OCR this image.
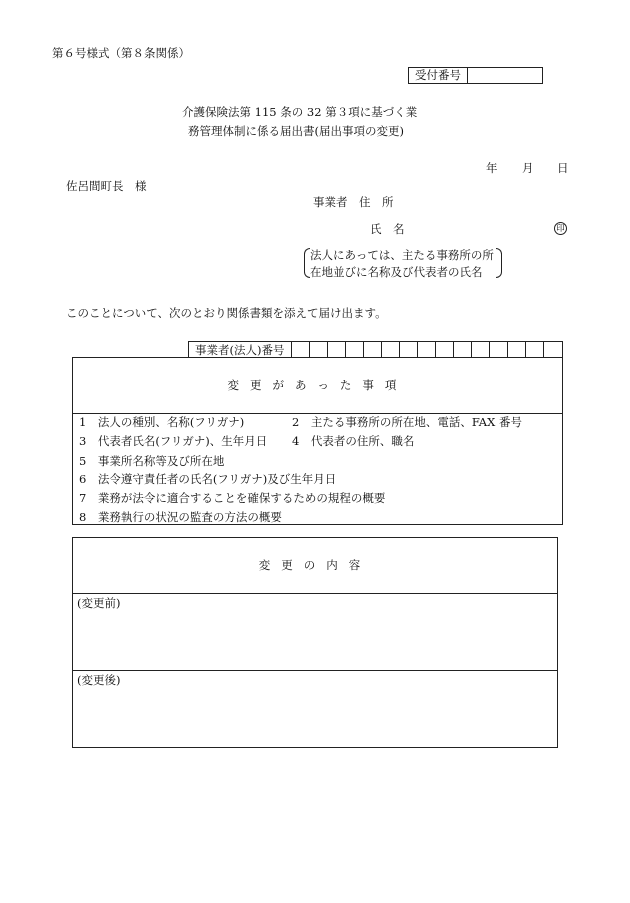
第６号様式（第８条関係）
受付番号
介護保険法第 115 条の 32 第３項に基づく業
務管理体制に係る届出書(届出事項の変更)
年 月 日
佐呂間町長　様
事業者　住　所
氏　名	印
法人にあっては、主たる事務所の所
在地並びに名称及び代表者の氏名
このことについて、次のとおり関係書類を添えて届け出ます。
事業者(法人)番号
変更があった事項
1　法人の種別、名称(フリガナ)	2　主たる事務所の所在地、電話、FAX 番号
3　代表者氏名(フリガナ)、生年月日 4　代表者の住所、職名
5　事業所名称等及び所在地
6　法令遵守責任者の氏名(フリガナ)及び生年月日
7　業務が法令に適合することを確保するための規程の概要
8　業務執行の状況の監査の方法の概要
変更の内容
(変更前)
(変更後)
